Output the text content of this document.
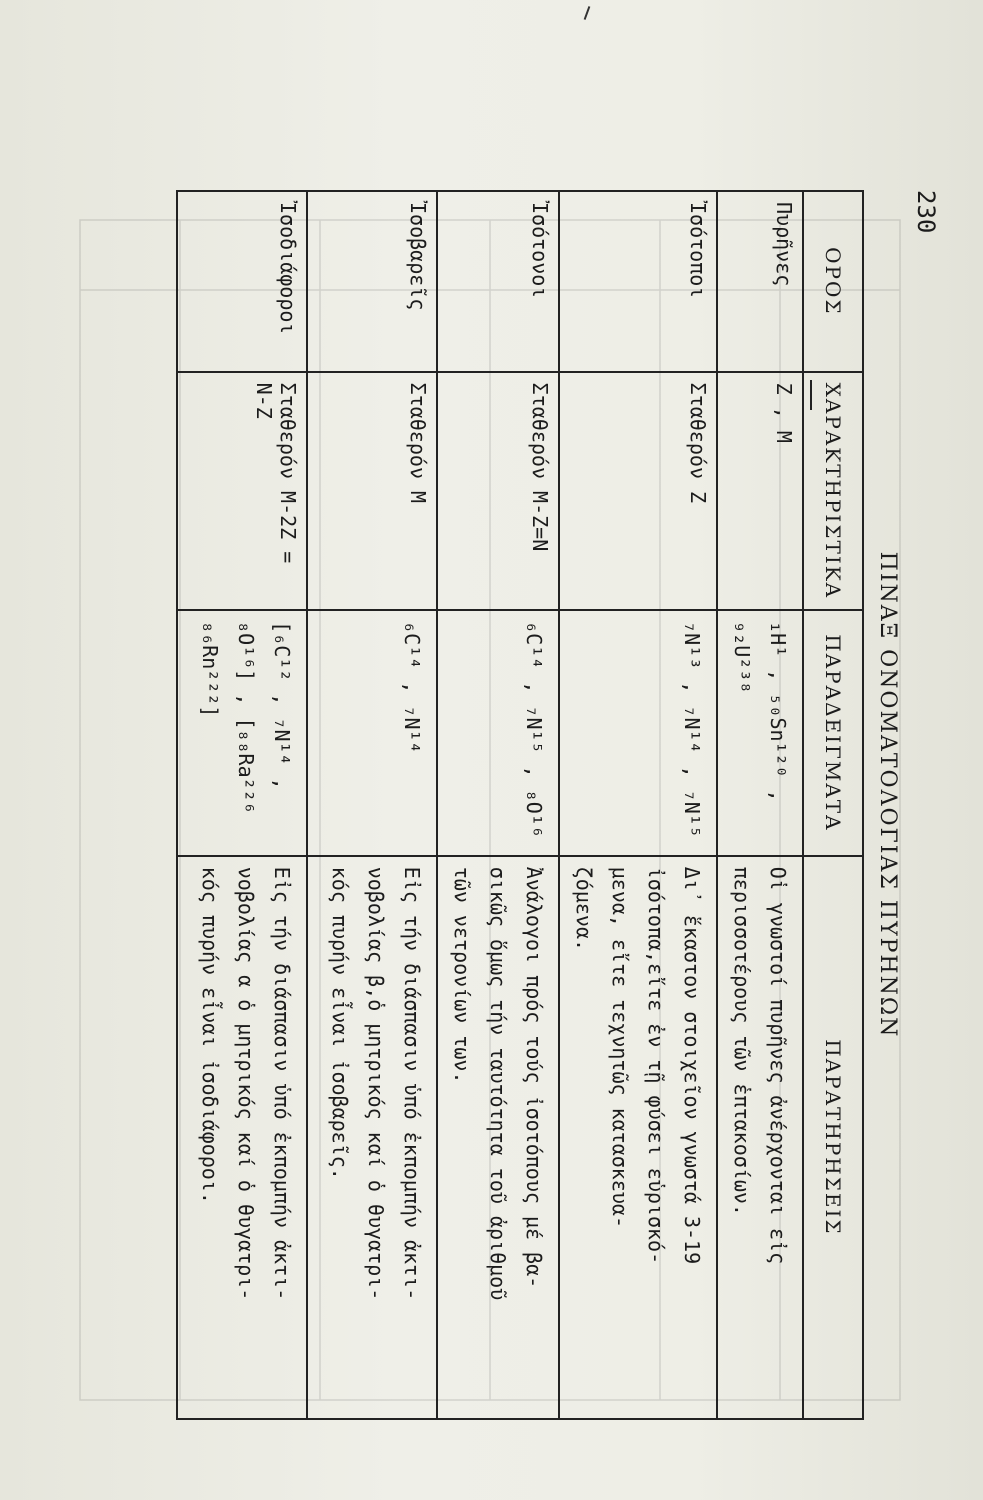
230
ΠΙΝΑΞ ΟΝΟΜΑΤΟΛΟΓΙΑΣ ΠΥΡΗΝΩΝ
ΟΡΟΣ	ΧΑΡΑΚΤΗΡΙΣΤΙΚΑ	ΠΑΡΑΔΕΙΓΜΑΤΑ	ΠΑΡΑΤΗΡΗΣΕΙΣ
Πυρῆνες	Z , M	₁H¹ , ₅₀Sn¹²⁰ , ₉₂U²³⁸	Οἱ γνωστοί πυρῆνες ἀνέρχονται εἰς
περισσοτέρους τῶν ἑπτακοσίων.

Ἰσότοποι	Σταθερόν Z	₇N¹³ , ₇N¹⁴ , ₇N¹⁵	Δι᾽ ἕκαστον στοιχεῖον γνωστά 3-19
ἰσότοπα,εἴτε ἐν τῇ φύσει εὑρισκό-
μενα, εἴτε τεχνητῶς κατασκευα-
ζόμενα.

Ἰσότονοι	Σταθερόν M-Z=N	₆C¹⁴ , ₇N¹⁵ , ₈O¹⁶	Ἀνάλογοι πρός τούς ἰσοτόπους μέ βα-
σικῶς ὅμως τήν ταυτότητα τοῦ ἀριθμοῦ
τῶν νετρονίων των.

Ἰσοβαρεῖς	Σταθερόν M	₆C¹⁴ , ₇N¹⁴	Εἰς τήν διάσπασιν ὑπό ἐκπομπήν ἀκτι-
νοβολίας β,ὁ μητρικός καί ὁ θυγατρι-
κός πυρήν εἶναι ἰσοβαρεῖς.

Ἰσοδιάφοροι	Σταθερόν M-2Z = N-Z	[₆C¹² , ₇N¹⁴ , ₈O¹⁶] , [₈₈Ra²²⁶ ₈₆Rn²²²]	Εἰς τήν διάσπασιν ὑπό ἐκπομπήν ἀκτι-
νοβολίας α ὁ μητρικός καί ὁ θυγατρι-
κός πυρήν εἶναι ἰσοδιάφοροι.
